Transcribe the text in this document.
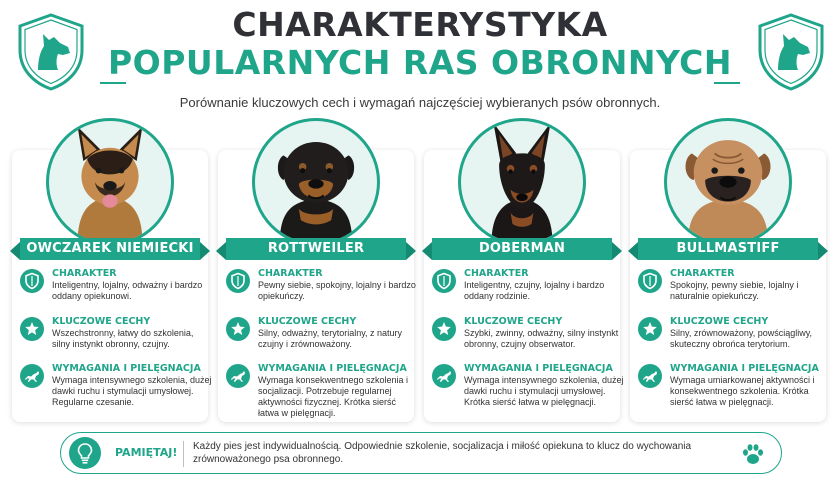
CHARAKTERYSTYKA
POPULARNYCH RAS OBRONNYCH
Porównanie kluczowych cech i wymagań najczęściej wybieranych psów obronnych.
OWCZAREK NIEMIECKI
CHARAKTER
Inteligentny, lojalny, odważny i bardzo oddany opiekunowi.
KLUCZOWE CECHY
Wszechstronny, łatwy do szkolenia, silny instynkt obronny, czujny.
WYMAGANIA I PIELĘGNACJA
Wymaga intensywnego szkolenia, dużej dawki ruchu i stymulacji umysłowej. Regularne czesanie.
ROTTWEILER
CHARAKTER
Pewny siebie, spokojny, lojalny i bardzo opiekuńczy.
KLUCZOWE CECHY
Silny, odważny, terytorialny, z natury czujny i zrównoważony.
WYMAGANIA I PIELĘGNACJA
Wymaga konsekwentnego szkolenia i socjalizacji. Potrzebuje regularnej aktywności fizycznej. Krótka sierść łatwa w pielęgnacji.
DOBERMAN
CHARAKTER
Inteligentny, czujny, lojalny i bardzo oddany rodzinie.
KLUCZOWE CECHY
Szybki, zwinny, odważny, silny instynkt obronny, czujny obserwator.
WYMAGANIA I PIELĘGNACJA
Wymaga intensywnego szkolenia, dużej dawki ruchu i stymulacji umysłowej. Krótka sierść łatwa w pielęgnacji.
BULLMASTIFF
CHARAKTER
Spokojny, pewny siebie, lojalny i naturalnie opiekuńczy.
KLUCZOWE CECHY
Silny, zrównoważony, powściągliwy, skuteczny obrońca terytorium.
WYMAGANIA I PIELĘGNACJA
Wymaga umiarkowanej aktywności i konsekwentnego szkolenia. Krótka sierść łatwa w pielęgnacji.
PAMIĘTAJ! Każdy pies jest indywidualnością. Odpowiednie szkolenie, socjalizacja i miłość opiekuna to klucz do wychowania zrównoważonego psa obronnego.
